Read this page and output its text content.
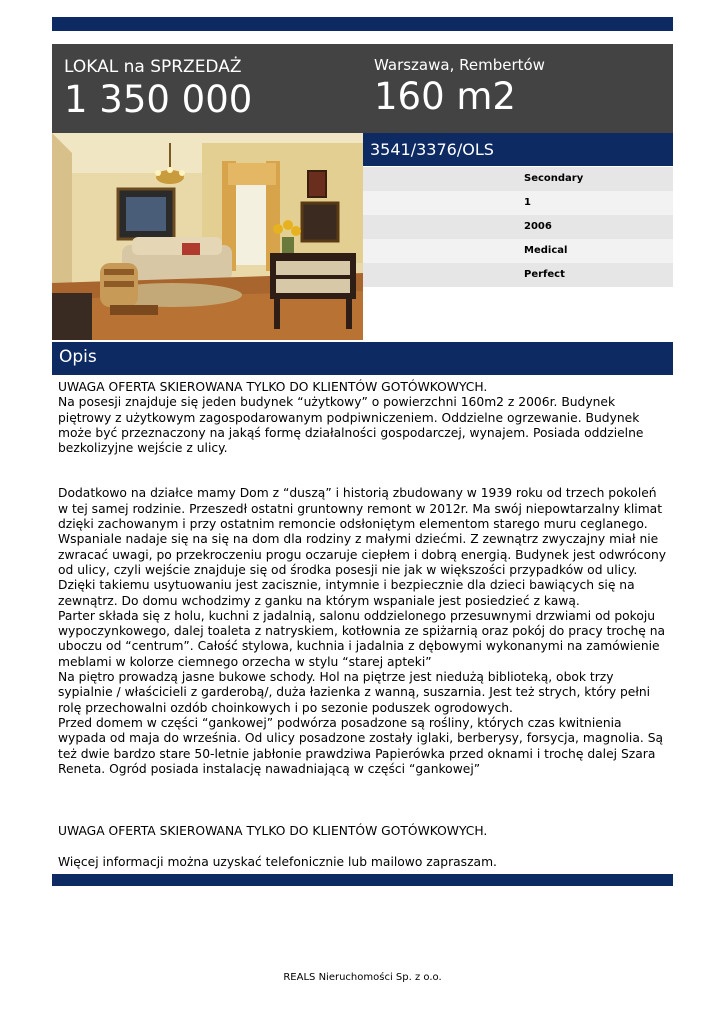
LOKAL na SPRZEDAŻ
1 350 000
Warszawa, Rembertów
160 m2
3541/3376/OLS
Secondary
1
2006
Medical
Perfect
Opis

UWAGA OFERTA SKIEROWANA TYLKO DO KLIENTÓW GOTÓWKOWYCH.
Na posesji znajduje się jeden budynek “użytkowy” o powierzchni 160m2 z 2006r. Budynek piętrowy z użytkowym zagospodarowanym podpiwniczeniem. Oddzielne ogrzewanie. Budynek może być przeznaczony na jakąś formę działalności gospodarczej, wynajem. Posiada oddzielne bezkolizyjne wejście z ulicy.

Dodatkowo na działce mamy Dom z “duszą” i historią zbudowany w 1939 roku od trzech pokoleń w tej samej rodzinie. Przeszedł ostatni gruntowny remont w 2012r. Ma swój niepowtarzalny klimat dzięki zachowanym i przy ostatnim remoncie odsłoniętym elementom starego muru ceglanego. Wspaniale nadaje się na się na dom dla rodziny z małymi dziećmi. Z zewnątrz zwyczajny miał nie zwracać uwagi, po przekroczeniu progu oczaruje ciepłem i dobrą energią. Budynek jest odwrócony od ulicy, czyli wejście znajduje się od środka posesji nie jak w większości przypadków od ulicy. Dzięki takiemu usytuowaniu jest zacisznie, intymnie i bezpiecznie dla dzieci bawiących się na zewnątrz. Do domu wchodzimy z ganku na którym wspaniale jest posiedzieć z kawą.
Parter składa się z holu, kuchni z jadalnią, salonu oddzielonego przesuwnymi drzwiami od pokoju wypoczynkowego, dalej toaleta z natryskiem, kotłownia ze spiżarnią oraz pokój do pracy trochę na uboczu od “centrum”. Całość stylowa, kuchnia i jadalnia z dębowymi wykonanymi na zamówienie meblami w kolorze ciemnego orzecha w stylu “starej apteki”
Na piętro prowadzą jasne bukowe schody. Hol na piętrze jest niedużą biblioteką, obok trzy sypialnie / właścicieli z garderobą/, duża łazienka z wanną, suszarnia. Jest też strych, który pełni rolę przechowalni ozdób choinkowych i po sezonie poduszek ogrodowych.
Przed domem w części “gankowej” podwórza posadzone są rośliny, których czas kwitnienia wypada od maja do września. Od ulicy posadzone zostały iglaki, berberysy, forsycja, magnolia. Są też dwie bardzo stare 50-letnie jabłonie prawdziwa Papierówka przed oknami i trochę dalej Szara Reneta. Ogród posiada instalację nawadniającą w części “gankowej”

UWAGA OFERTA SKIEROWANA TYLKO DO KLIENTÓW GOTÓWKOWYCH.

Więcej informacji można uzyskać telefonicznie lub mailowo zapraszam.

REALS Nieruchomości Sp. z o.o.
